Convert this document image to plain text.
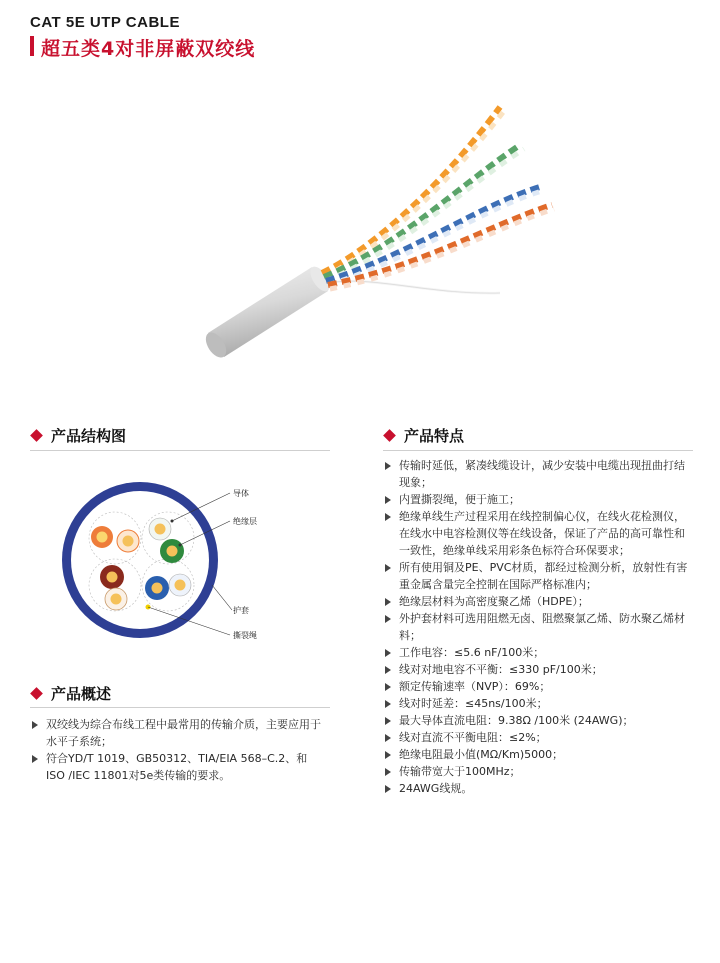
CAT 5E UTP CABLE
超五类4对非屏蔽双绞线
产品结构图
导体
绝缘层
护套
撕裂绳
产品概述
双绞线为综合布线工程中最常用的传输介质，主要应用于水平子系统；
符合YD/T 1019、GB50312、TIA/EIA 568–C.2、和ISO /IEC 11801对5e类传输的要求。
产品特点
传输时延低，紧凑线缆设计，减少安装中电缆出现扭曲打结现象；
内置撕裂绳，便于施工；
绝缘单线生产过程采用在线控制偏心仪，在线火花检测仪，在线水中电容检测仪等在线设备，保证了产品的高可靠性和一致性，绝缘单线采用彩条色标符合环保要求；
所有使用铜及PE、PVC材质，都经过检测分析，放射性有害重金属含量完全控制在国际严格标准内；
绝缘层材料为高密度聚乙烯（HDPE）；
外护套材料可选用阻燃无卤、阻燃聚氯乙烯、防水聚乙烯材料；
工作电容：≤5.6 nF/100米；
线对对地电容不平衡：≤330 pF/100米；
额定传输速率（NVP）：69%；
线对时延差：≤45ns/100米；
最大导体直流电阻：9.38Ω /100米 (24AWG)；
线对直流不平衡电阻：≤2%；
绝缘电阻最小值(MΩ/Km)5000；
传输带宽大于100MHz；
24AWG线规。
